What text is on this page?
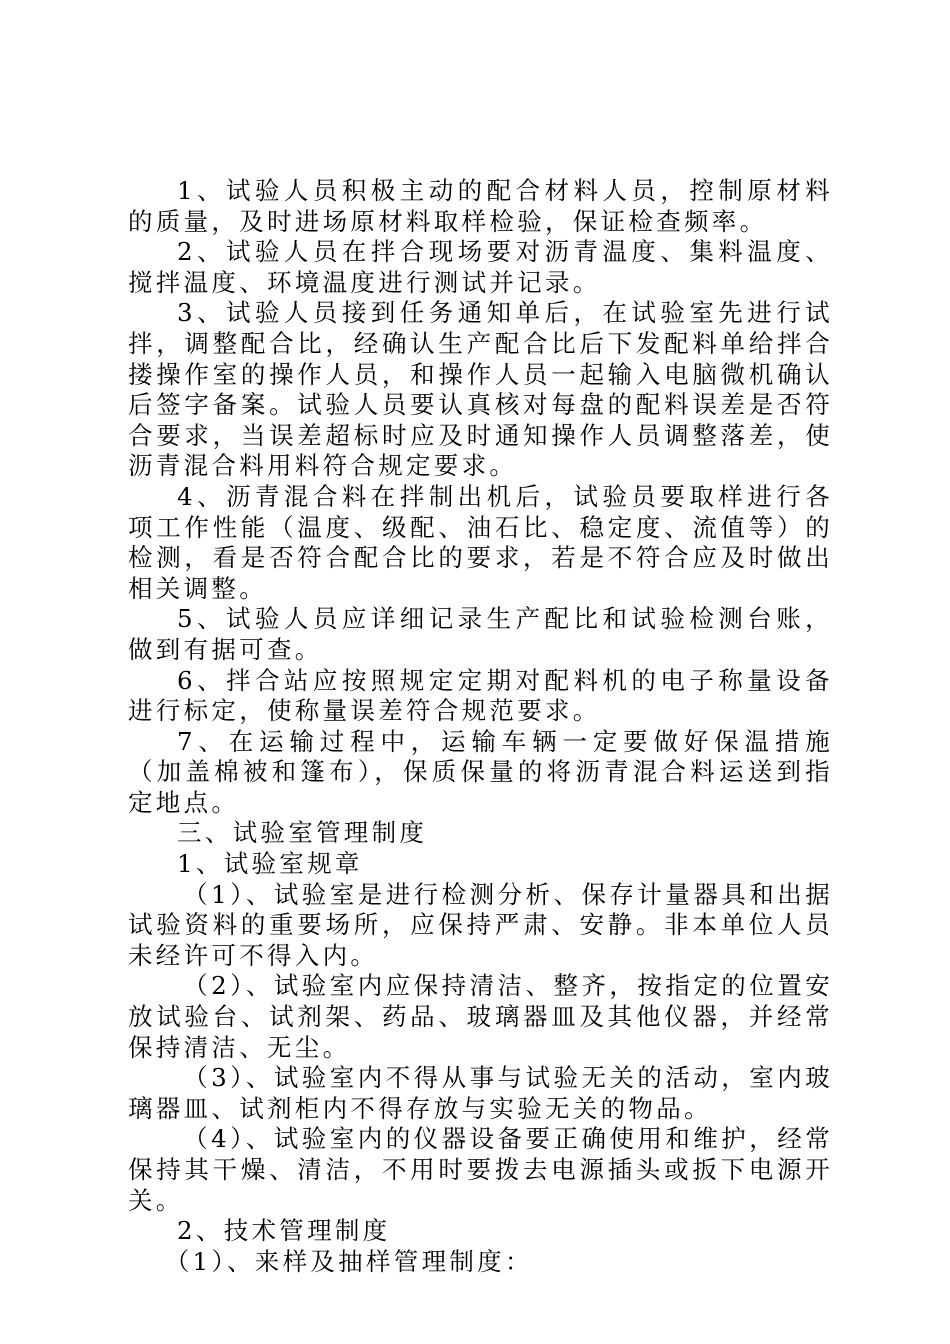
1、试验人员积极主动的配合材料人员，控制原材料的质量，及时进场原材料取样检验，保证检查频率。

2、试验人员在拌合现场要对沥青温度、集料温度、搅拌温度、环境温度进行测试并记录。

3、试验人员接到任务通知单后，在试验室先进行试拌，调整配合比，经确认生产配合比后下发配料单给拌合搂操作室的操作人员，和操作人员一起输入电脑微机确认后签字备案。试验人员要认真核对每盘的配料误差是否符合要求，当误差超标时应及时通知操作人员调整落差，使沥青混合料用料符合规定要求。

4、沥青混合料在拌制出机后，试验员要取样进行各项工作性能（温度、级配、油石比、稳定度、流值等）的检测，看是否符合配合比的要求，若是不符合应及时做出相关调整。

5、试验人员应详细记录生产配比和试验检测台账，做到有据可查。

6、拌合站应按照规定定期对配料机的电子称量设备进行标定，使称量误差符合规范要求。

7、在运输过程中，运输车辆一定要做好保温措施（加盖棉被和篷布），保质保量的将沥青混合料运送到指定地点。

三、试验室管理制度

1、试验室规章

（1）、试验室是进行检测分析、保存计量器具和出据试验资料的重要场所，应保持严肃、安静。非本单位人员未经许可不得入内。

（2）、试验室内应保持清洁、整齐，按指定的位置安放试验台、试剂架、药品、玻璃器皿及其他仪器，并经常保持清洁、无尘。

（3）、试验室内不得从事与试验无关的活动，室内玻璃器皿、试剂柜内不得存放与实验无关的物品。

（4）、试验室内的仪器设备要正确使用和维护，经常保持其干燥、清洁，不用时要拨去电源插头或扳下电源开关。

2、技术管理制度

（1）、来样及抽样管理制度：
